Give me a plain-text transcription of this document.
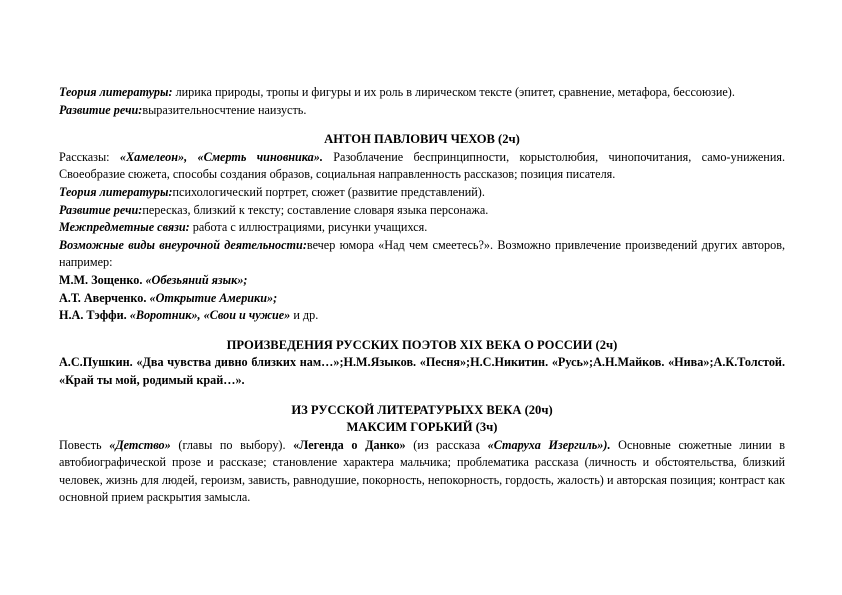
Теория литературы: лирика природы, тропы и фигуры и их роль в лирическом тексте (эпитет, сравнение, метафора, бессоюзие).

Развитие речи:выразительносчтение наизусть.

АНТОН ПАВЛОВИЧ ЧЕХОВ (2ч)

Рассказы: «Хамелеон», «Смерть чиновника». Разоблачение беспринципности, корыстолюбия, чинопочитания, само-унижения. Своеобразие сюжета, способы создания образов, социальная направленность рассказов; позиция писателя.

Теория литературы:психологический портрет, сюжет (развитие представлений).

Развитие речи:пересказ, близкий к тексту; составление словаря языка персонажа.

Межпредметные связи: работа с иллюстрациями, рисунки учащихся.

Возможные виды внеурочной деятельности:вечер юмора «Над чем смеетесь?». Возможно привлечение произведений других авторов, например:

М.М. Зощенко. «Обезьяний язык»;

А.Т. Аверченко. «Открытие Америки»;

Н.А. Тэффи. «Воротник», «Свои и чужие» и др.

ПРОИЗВЕДЕНИЯ РУССКИХ ПОЭТОВ XIX ВЕКА О РОССИИ (2ч)

А.С.Пушкин. «Два чувства дивно близких нам…»;Н.М.Языков. «Песня»;Н.С.Никитин. «Русь»;А.Н.Майков. «Нива»;А.К.Толстой. «Край ты мой, родимый край…».

ИЗ РУССКОЙ ЛИТЕРАТУРЫХХ ВЕКА (20ч)

МАКСИМ ГОРЬКИЙ (3ч)

Повесть «Детство» (главы по выбору). «Легенда о Данко» (из рассказа «Старуха Изергиль»). Основные сюжетные линии в автобиографической прозе и рассказе; становление характера мальчика; проблематика рассказа (личность и обстоятельства, близкий человек, жизнь для людей, героизм, зависть, равнодушие, покорность, непокорность, гордость, жалость) и авторская позиция; контраст как основной прием раскрытия замысла.
